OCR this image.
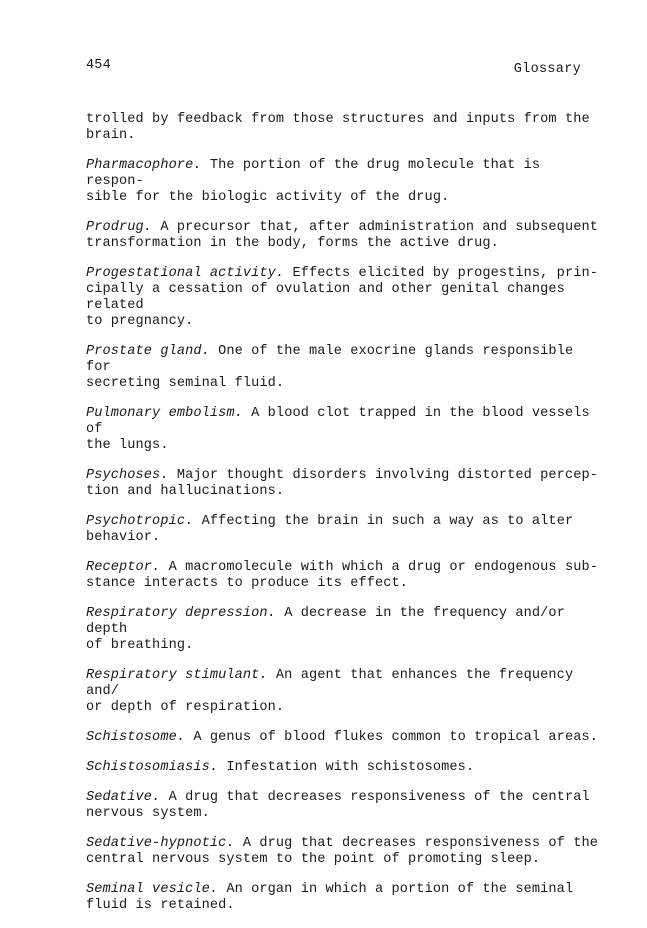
454	Glossary

trolled by feedback from those structures and inputs from the
brain.

Pharmacophore. The portion of the drug molecule that is respon-
sible for the biologic activity of the drug.

Prodrug. A precursor that, after administration and subsequent
transformation in the body, forms the active drug.

Progestational activity. Effects elicited by progestins, prin-
cipally a cessation of ovulation and other genital changes related
to pregnancy.

Prostate gland. One of the male exocrine glands responsible for
secreting seminal fluid.

Pulmonary embolism. A blood clot trapped in the blood vessels of
the lungs.

Psychoses. Major thought disorders involving distorted percep-
tion and hallucinations.

Psychotropic. Affecting the brain in such a way as to alter
behavior.

Receptor. A macromolecule with which a drug or endogenous sub-
stance interacts to produce its effect.

Respiratory depression. A decrease in the frequency and/or depth
of breathing.

Respiratory stimulant. An agent that enhances the frequency and/
or depth of respiration.

Schistosome. A genus of blood flukes common to tropical areas.

Schistosomiasis. Infestation with schistosomes.

Sedative. A drug that decreases responsiveness of the central
nervous system.

Sedative-hypnotic. A drug that decreases responsiveness of the
central nervous system to the point of promoting sleep.

Seminal vesicle. An organ in which a portion of the seminal
fluid is retained.
